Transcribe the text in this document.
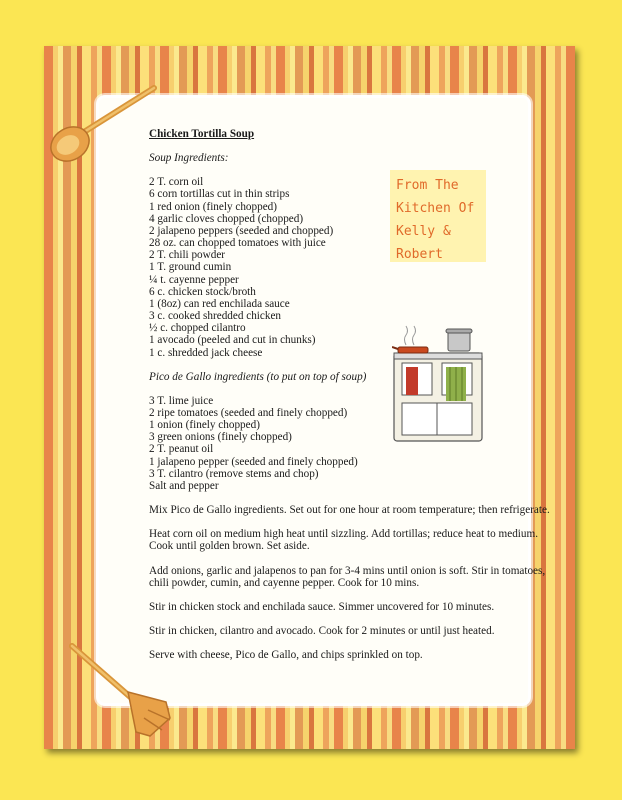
From The
Kitchen Of
Kelly &
Robert
Chicken Tortilla Soup
Soup Ingredients:
2 T. corn oil
6 corn tortillas cut in thin strips
1 red onion (finely chopped)
4 garlic cloves chopped (chopped)
2 jalapeno peppers (seeded and chopped)
28 oz. can chopped tomatoes with juice
2 T. chili powder
1 T. ground cumin
¼ t. cayenne pepper
6 c. chicken stock/broth
1 (8oz) can red enchilada sauce
3 c. cooked shredded chicken
½ c. chopped cilantro
1 avocado (peeled and cut in chunks)
1 c. shredded jack cheese
Pico de Gallo ingredients (to put on top of soup)
3 T. lime juice
2 ripe tomatoes (seeded and finely chopped)
1 onion (finely chopped)
3 green onions (finely chopped)
2 T. peanut oil
1 jalapeno pepper (seeded and finely chopped)
3 T. cilantro (remove stems and chop)
Salt and pepper
Mix Pico de Gallo ingredients. Set out for one hour at room temperature; then refrigerate.
Heat corn oil on medium high heat until sizzling. Add tortillas; reduce heat to medium. Cook until golden brown. Set aside.
Add onions, garlic and jalapenos to pan for 3-4 mins until onion is soft. Stir in tomatoes, chili powder, cumin, and cayenne pepper. Cook for 10 mins.
Stir in chicken stock and enchilada sauce. Simmer uncovered for 10 minutes.
Stir in chicken, cilantro and avocado. Cook for 2 minutes or until just heated.
Serve with cheese, Pico de Gallo, and chips sprinkled on top.
